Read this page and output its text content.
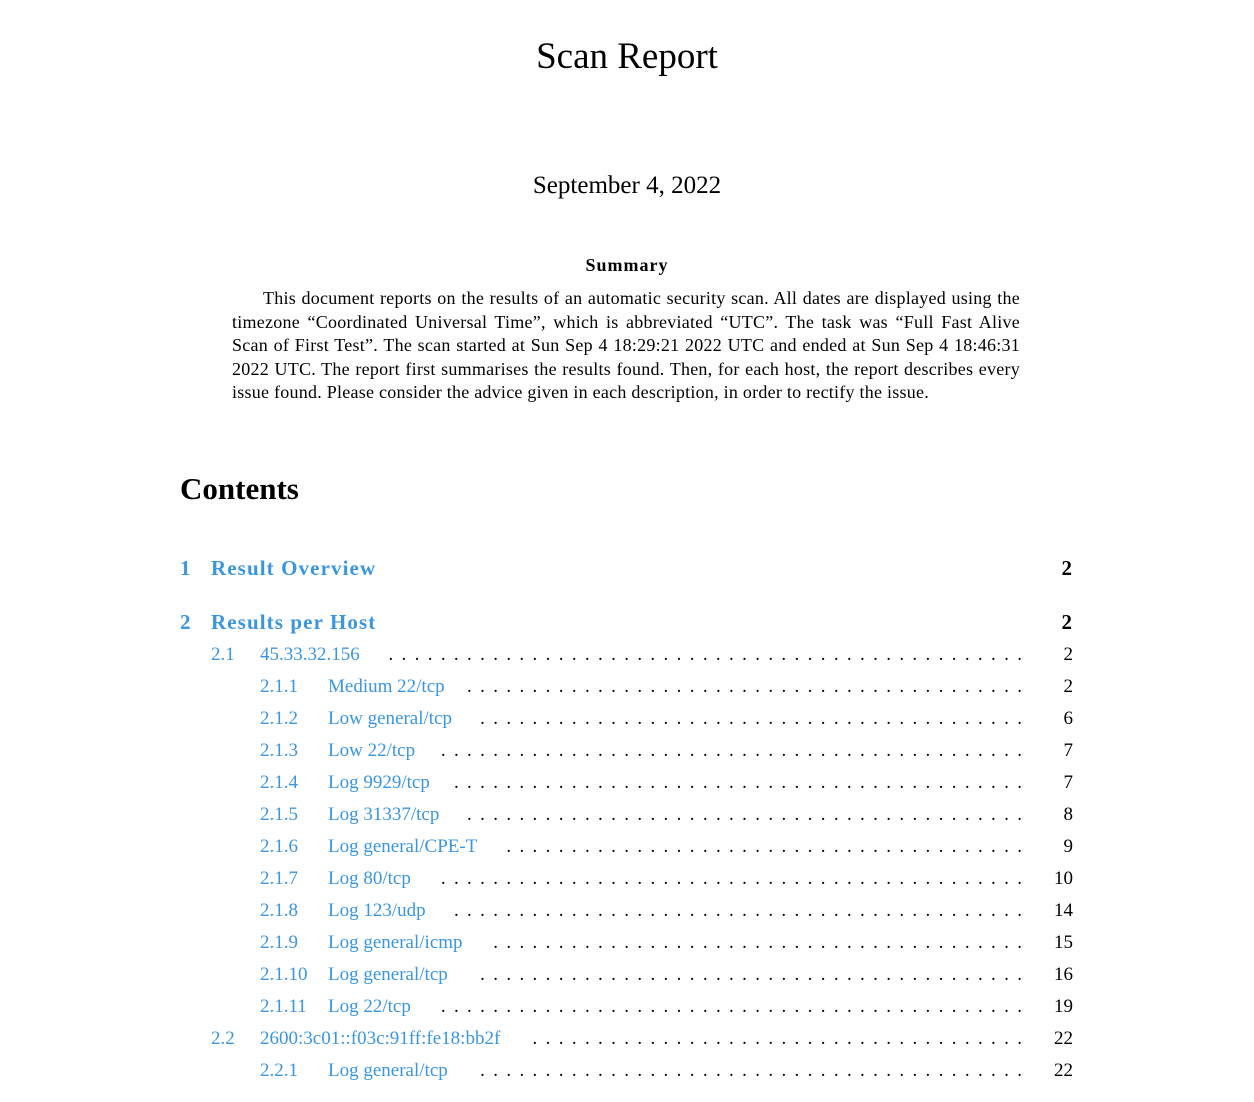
Scan Report
September 4, 2022
Summary

This document reports on the results of an automatic security scan. All dates are displayed using the timezone “Coordinated Universal Time”, which is abbreviated “UTC”. The task was “Full Fast Alive Scan of First Test”. The scan started at Sun Sep 4 18:29:21 2022 UTC and ended at Sun Sep 4 18:46:31 2022 UTC. The report first summarises the results found. Then, for each host, the report describes every issue found. Please consider the advice given in each description, in order to rectify the issue.

Contents
1 Result Overview	2
2 Results per Host	2
2.1 45.33.32.156	. . . . . . . . . . . . . . . . . . . . . . . . . . . . . . . . . . . . . . . . . . . . . . . . . 2
2.1.1 Medium 22/tcp	. . . . . . . . . . . . . . . . . . . . . . . . . . . . . . . . . . . . . . . . . . . 2
2.1.2 Low general/tcp	. . . . . . . . . . . . . . . . . . . . . . . . . . . . . . . . . . . . . . . . . . 6
2.1.3 Low 22/tcp	. . . . . . . . . . . . . . . . . . . . . . . . . . . . . . . . . . . . . . . . . . . . . 7
2.1.4 Log 9929/tcp	. . . . . . . . . . . . . . . . . . . . . . . . . . . . . . . . . . . . . . . . . . . . 7
2.1.5 Log 31337/tcp	. . . . . . . . . . . . . . . . . . . . . . . . . . . . . . . . . . . . . . . . . . . 8
2.1.6 Log general/CPE-T	. . . . . . . . . . . . . . . . . . . . . . . . . . . . . . . . . . . . . . . . 9
2.1.7 Log 80/tcp	. . . . . . . . . . . . . . . . . . . . . . . . . . . . . . . . . . . . . . . . . . . . . 10
2.1.8 Log 123/udp	. . . . . . . . . . . . . . . . . . . . . . . . . . . . . . . . . . . . . . . . . . . . 14
2.1.9 Log general/icmp	. . . . . . . . . . . . . . . . . . . . . . . . . . . . . . . . . . . . . . . . . 15
2.1.10 Log general/tcp	. . . . . . . . . . . . . . . . . . . . . . . . . . . . . . . . . . . . . . . . . . 16
2.1.11 Log 22/tcp	. . . . . . . . . . . . . . . . . . . . . . . . . . . . . . . . . . . . . . . . . . . . . 19
2.2 2600:3c01::f03c:91ff:fe18:bb2f	. . . . . . . . . . . . . . . . . . . . . . . . . . . . . . . . . . . . . . 22
2.2.1 Log general/tcp	. . . . . . . . . . . . . . . . . . . . . . . . . . . . . . . . . . . . . . . . . . 22
